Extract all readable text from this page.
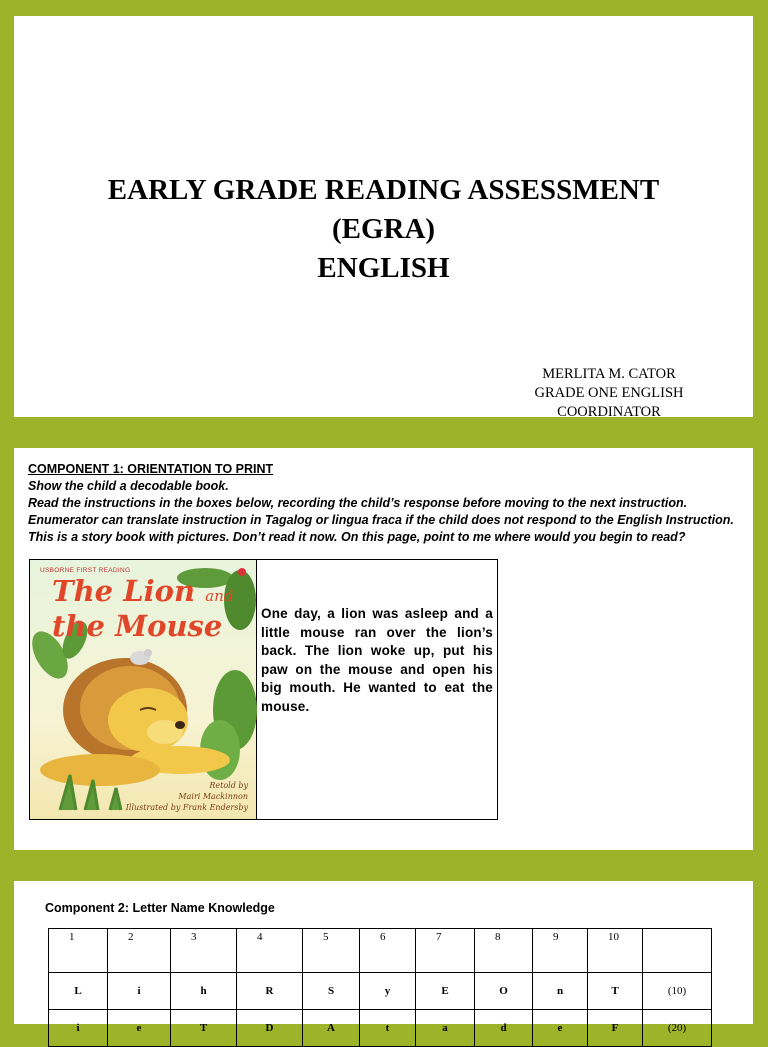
EARLY GRADE READING ASSESSMENT
(EGRA)
ENGLISH
MERLITA M. CATOR
GRADE ONE ENGLISH
COORDINATOR
COMPONENT 1: ORIENTATION TO PRINT
Show the child a decodable book.
Read the instructions in the boxes below, recording the child’s response before moving to the next instruction.
Enumerator can translate instruction in Tagalog or lingua fraca if the child does not respond to the English Instruction.
This is a story book with pictures. Don’t read it now. On this page, point to me where would you begin to read?
USBORNE FIRST READING
The Lion and
the Mouse
Retold by
Mairi Mackinnon
Illustrated by Frank Endersby
One day, a lion was asleep and a little mouse ran over the lion’s back. The lion woke up, put his paw on the mouse and open his big mouth. He wanted to eat the mouse.
Component 2: Letter Name Knowledge
1	2	3	4	5	6	7	8	9	10	
L	i	h	R	S	y	E	O	n	T	(10)
i	e	T	D	A	t	a	d	e	F	(20)
